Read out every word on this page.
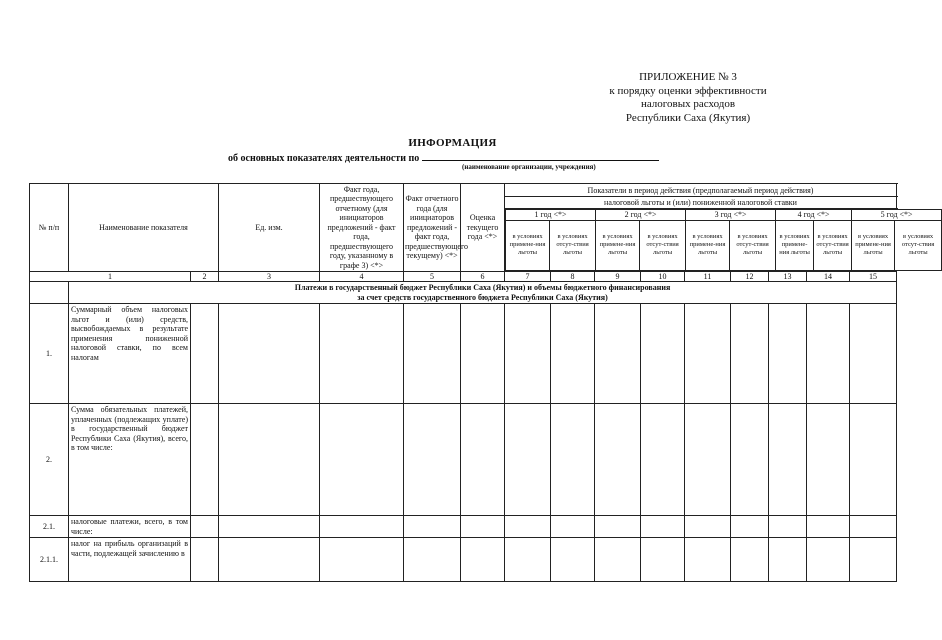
ПРИЛОЖЕНИЕ № 3
к порядку оценки эффективности
налоговых расходов
Республики Саха (Якутия)
ИНФОРМАЦИЯ
об основных показателях деятельности по
(наименование организации, учреждения)
№ п/п	Наименование показателя	Ед. изм.	Факт года, предшествующего отчетному (для инициаторов предложений - факт года, предшествующего году, указанному в графе 3) <*>	Факт отчетного года (для инициаторов предложений - факт года, предшествующего текущему) <*>	Оценка текущего года <*>	
Показатели в период действия (предполагаемый период действия)

налоговой льготы и (или) пониженной налоговой ставки

1 год <*>	2 год <*>	3 год <*>	4 год <*>	5 год <*>
в условиях примене-ния льготы	в условиях отсут-ствия льготы	в условиях примене-ния льготы	в условиях отсут-ствия льготы	в условиях примене-ния льготы	в условиях отсут-ствия льготы	в условиях примене-ния льготы	в условиях отсут-ствия льготы	в условиях примене-ния льготы	в условиях отсут-ствия льготы

1	2	3	4	5	6	7	8	9	10	11	12	13	14	15

Платежи в государственный бюджет Республики Саха (Якутия) и объемы бюджетного финансирования
за счет средств государственного бюджета Республики Саха (Якутия)

1.	Суммарный объем налоговых льгот и (или) средств, высвобождаемых в результате применения пониженной налоговой ставки, по всем налогам														
2.	Сумма обязательных платежей, уплаченных (подлежащих уплате) в государственный бюджет Республики Саха (Якутия), всего, в том числе:														
2.1.	налоговые платежи, всего, в том числе:														
2.1.1.	налог на прибыль организаций в части, подлежащей зачислению в														
